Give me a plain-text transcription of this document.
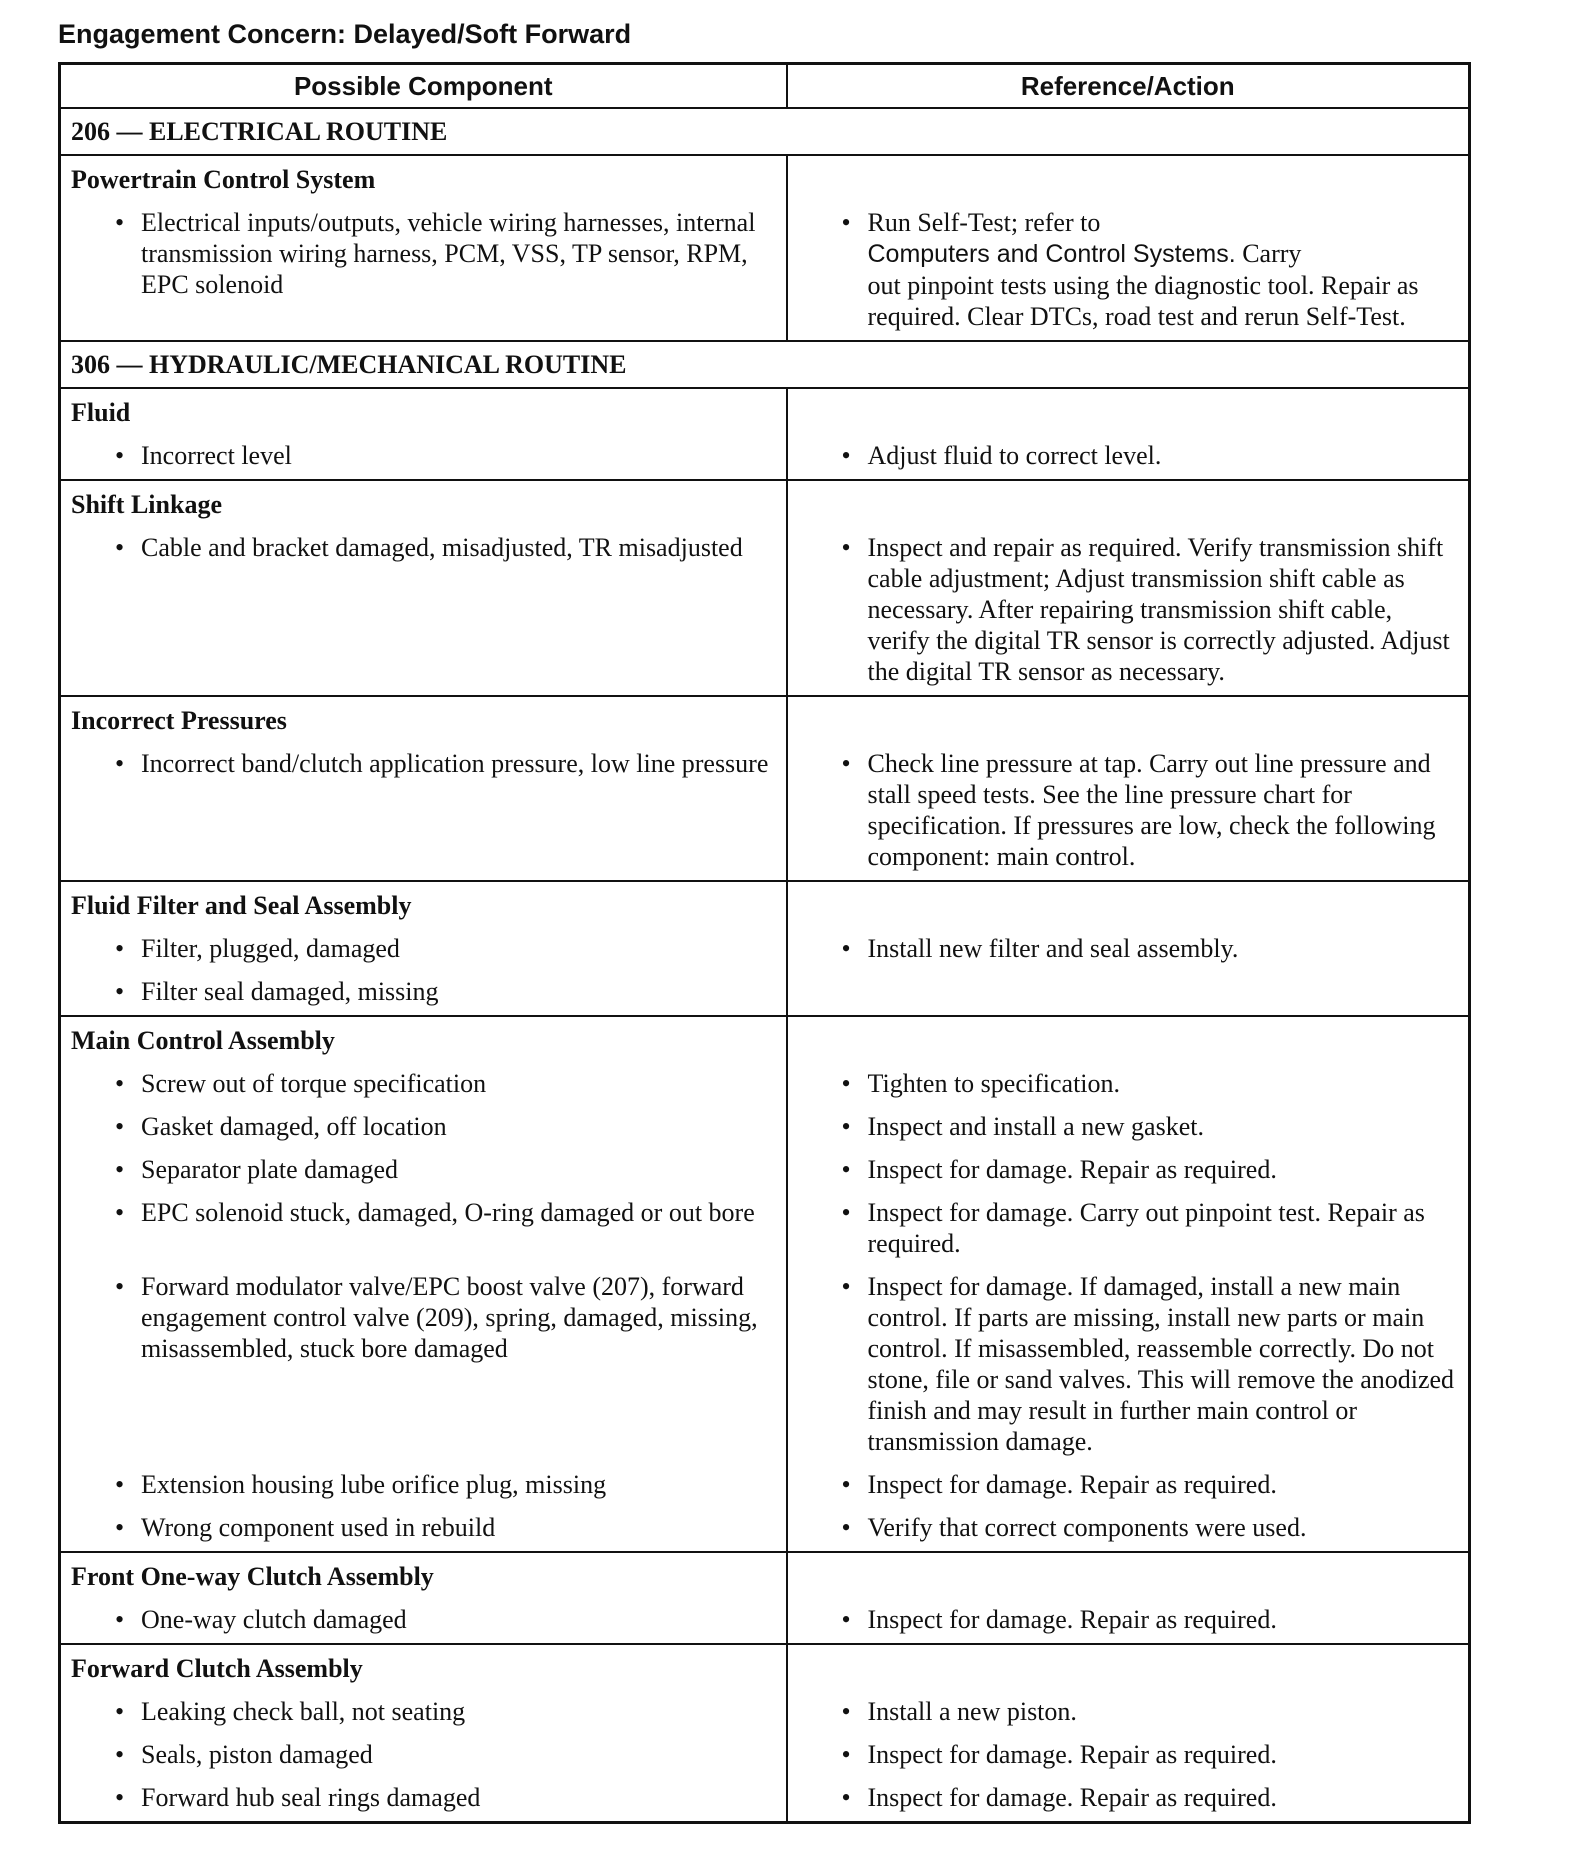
Engagement Concern: Delayed/Soft Forward
Possible Component	Reference/Action
206 — ELECTRICAL ROUTINE	
Powertrain Control System	

• Electrical inputs/outputs, vehicle wiring harnesses, internal transmission wiring harness, PCM, VSS, TP sensor, RPM, EPC solenoid	• Run Self-Test; refer to
Computers and Control Systems. Carry
out pinpoint tests using the diagnostic tool. Repair as required. Clear DTCs, road test and rerun Self-Test.

306 — HYDRAULIC/MECHANICAL ROUTINE	
Fluid	

• Incorrect level	• Adjust fluid to correct level.

Shift Linkage	

• Cable and bracket damaged, misadjusted, TR misadjusted	• Inspect and repair as required. Verify transmission shift cable adjustment; Adjust transmission shift cable as necessary. After repairing transmission shift cable, verify the digital TR sensor is correctly adjusted. Adjust the digital TR sensor as necessary.

Incorrect Pressures	

• Incorrect band/clutch application pressure, low line pressure	• Check line pressure at tap. Carry out line pressure and stall speed tests. See the line pressure chart for specification. If pressures are low, check the following component: main control.

Fluid Filter and Seal Assembly	

• Filter, plugged, damaged	• Install new filter and seal assembly.

• Filter seal damaged, missing

Main Control Assembly	

• Screw out of torque specification	• Tighten to specification.

• Gasket damaged, off location	• Inspect and install a new gasket.

• Separator plate damaged	• Inspect for damage. Repair as required.

• EPC solenoid stuck, damaged, O-ring damaged or out bore	• Inspect for damage. Carry out pinpoint test. Repair as required.

• Forward modulator valve/EPC boost valve (207), forward engagement control valve (209), spring, damaged, missing, misassembled, stuck bore damaged	• Inspect for damage. If damaged, install a new main control. If parts are missing, install new parts or main control. If misassembled, reassemble correctly. Do not stone, file or sand valves. This will remove the anodized finish and may result in further main control or transmission damage.

• Extension housing lube orifice plug, missing	• Inspect for damage. Repair as required.

• Wrong component used in rebuild	• Verify that correct components were used.

Front One-way Clutch Assembly	

• One-way clutch damaged	• Inspect for damage. Repair as required.

Forward Clutch Assembly	

• Leaking check ball, not seating	• Install a new piston.

• Seals, piston damaged	• Inspect for damage. Repair as required.

• Forward hub seal rings damaged	• Inspect for damage. Repair as required.
